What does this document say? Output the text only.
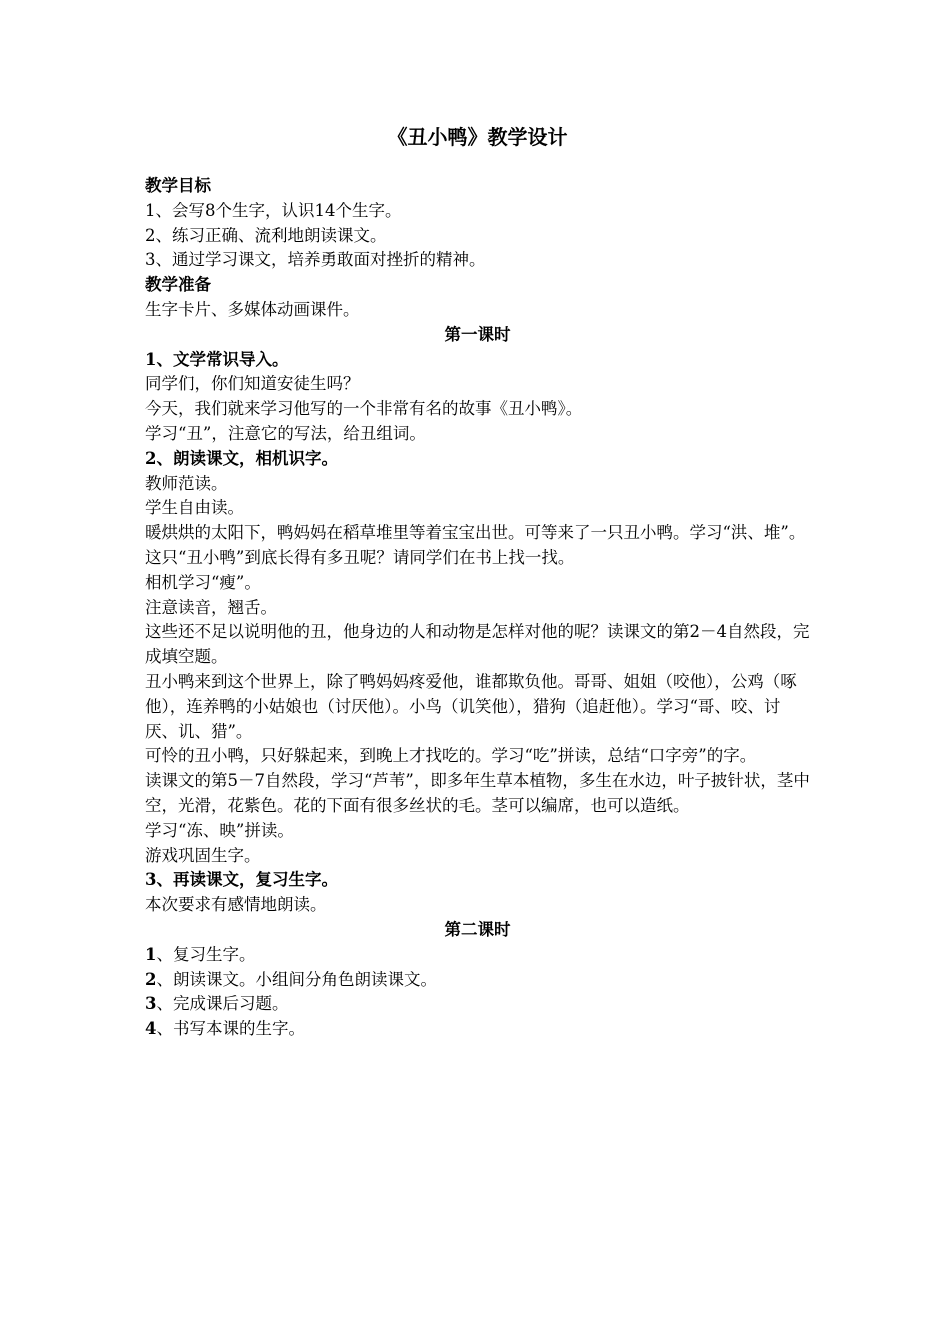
《丑小鸭》教学设计

教学目标

1、会写8个生字，认识14个生字。

2、练习正确、流利地朗读课文。

3、通过学习课文，培养勇敢面对挫折的精神。

教学准备

生字卡片、多媒体动画课件。

第一课时

1、文学常识导入。

同学们，你们知道安徒生吗？

今天，我们就来学习他写的一个非常有名的故事《丑小鸭》。

学习“丑”，注意它的写法，给丑组词。

2、朗读课文，相机识字。

教师范读。

学生自由读。

暖烘烘的太阳下，鸭妈妈在稻草堆里等着宝宝出世。可等来了一只丑小鸭。学习“洪、堆”。

这只“丑小鸭”到底长得有多丑呢？请同学们在书上找一找。

相机学习“瘦”。

注意读音，翘舌。

这些还不足以说明他的丑，他身边的人和动物是怎样对他的呢？读课文的第2－4自然段，完成填空题。

丑小鸭来到这个世界上，除了鸭妈妈疼爱他，谁都欺负他。哥哥、姐姐（咬他），公鸡（啄他），连养鸭的小姑娘也（讨厌他）。小鸟（讥笑他），猎狗（追赶他）。学习“哥、咬、讨厌、讥、猎”。

可怜的丑小鸭，只好躲起来，到晚上才找吃的。学习“吃”拼读，总结“口字旁”的字。

读课文的第5－7自然段，学习“芦苇”，即多年生草本植物，多生在水边，叶子披针状，茎中空，光滑，花紫色。花的下面有很多丝状的毛。茎可以编席，也可以造纸。

学习“冻、映”拼读。

游戏巩固生字。

3、再读课文，复习生字。

本次要求有感情地朗读。

第二课时

1、复习生字。

2、朗读课文。小组间分角色朗读课文。

3、完成课后习题。

4、书写本课的生字。
